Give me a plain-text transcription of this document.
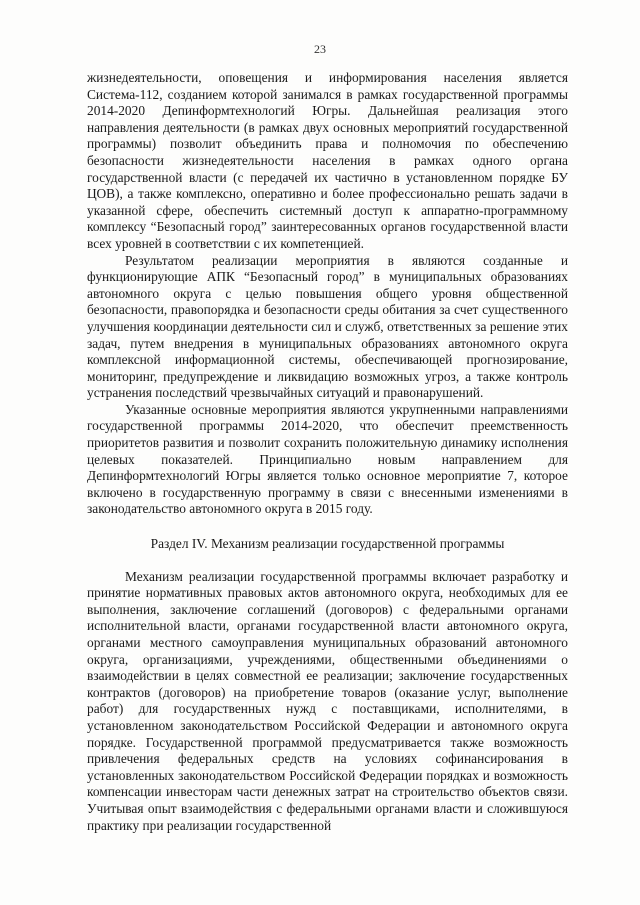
23

жизнедеятельности, оповещения и информирования населения является Система-112, созданием которой занимался в рамках государственной программы 2014-2020 Депинформтехнологий Югры. Дальнейшая реализация этого направления деятельности (в рамках двух основных мероприятий государственной программы) позволит объединить права и полномочия по обеспечению безопасности жизнедеятельности населения в рамках одного органа государственной власти (с передачей их частично в установленном порядке БУ ЦОВ), а также комплексно, оперативно и более профессионально решать задачи в указанной сфере, обеспечить системный доступ к аппаратно-программному комплексу “Безопасный город” заинтересованных органов государственной власти всех уровней в соответствии с их компетенцией.

Результатом реализации мероприятия в являются созданные и функционирующие АПК “Безопасный город” в муниципальных образованиях автономного округа с целью повышения общего уровня общественной безопасности, правопорядка и безопасности среды обитания за счет существенного улучшения координации деятельности сил и служб, ответственных за решение этих задач, путем внедрения в муниципальных образованиях автономного округа комплексной информационной системы, обеспечивающей прогнозирование, мониторинг, предупреждение и ликвидацию возможных угроз, а также контроль устранения последствий чрезвычайных ситуаций и правонарушений.

Указанные основные мероприятия являются укрупненными направлениями государственной программы 2014-2020, что обеспечит преемственность приоритетов развития и позволит сохранить положительную динамику исполнения целевых показателей. Принципиально новым направлением для Депинформтехнологий Югры является только основное мероприятие 7, которое включено в государственную программу в связи с внесенными изменениями в законодательство автономного округа в 2015 году.

Раздел IV. Механизм реализации государственной программы

Механизм реализации государственной программы включает разработку и принятие нормативных правовых актов автономного округа, необходимых для ее выполнения, заключение соглашений (договоров) с федеральными органами исполнительной власти, органами государственной власти автономного округа, органами местного самоуправления муниципальных образований автономного округа, организациями, учреждениями, общественными объединениями о взаимодействии в целях совместной ее реализации; заключение государственных контрактов (договоров) на приобретение товаров (оказание услуг, выполнение работ) для государственных нужд с поставщиками, исполнителями, в установленном законодательством Российской Федерации и автономного округа порядке. Государственной программой предусматривается также возможность привлечения федеральных средств на условиях софинансирования в установленных законодательством Российской Федерации порядках и возможность компенсации инвесторам части денежных затрат на строительство объектов связи. Учитывая опыт взаимодействия с федеральными органами власти и сложившуюся практику при реализации государственной
